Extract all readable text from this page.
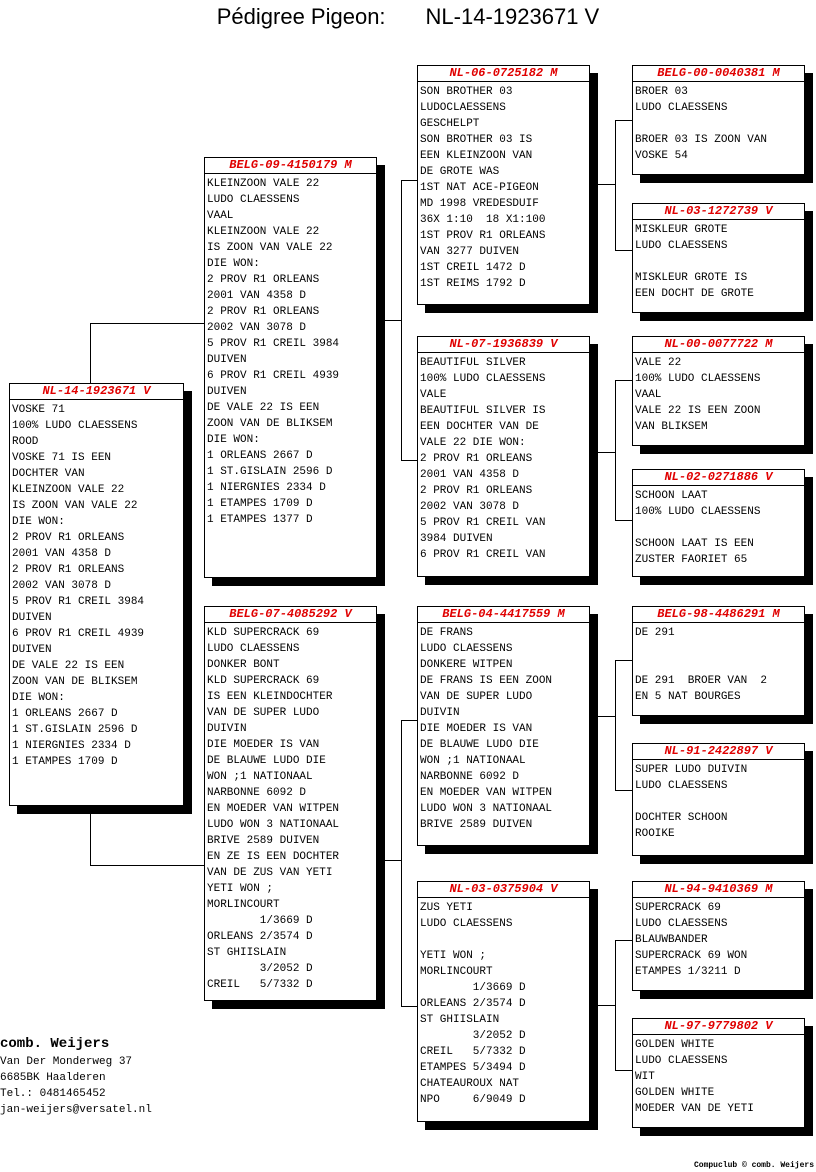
Pédigree Pigeon: NL-14-1923671 V
NL-14-1923671 V
VOSKE 71
100% LUDO CLAESSENS
ROOD
VOSKE 71 IS EEN
DOCHTER VAN
KLEINZOON VALE 22
IS ZOON VAN VALE 22
DIE WON:
2 PROV R1 ORLEANS
2001 VAN 4358 D
2 PROV R1 ORLEANS
2002 VAN 3078 D
5 PROV R1 CREIL 3984
DUIVEN
6 PROV R1 CREIL 4939
DUIVEN
DE VALE 22 IS EEN
ZOON VAN DE BLIKSEM
DIE WON:
1 ORLEANS 2667 D
1 ST.GISLAIN 2596 D
1 NIERGNIES 2334 D
1 ETAMPES 1709 D
BELG-09-4150179 M
KLEINZOON VALE 22
LUDO CLAESSENS
VAAL
KLEINZOON VALE 22
IS ZOON VAN VALE 22
DIE WON:
2 PROV R1 ORLEANS
2001 VAN 4358 D
2 PROV R1 ORLEANS
2002 VAN 3078 D
5 PROV R1 CREIL 3984
DUIVEN
6 PROV R1 CREIL 4939
DUIVEN
DE VALE 22 IS EEN
ZOON VAN DE BLIKSEM
DIE WON:
1 ORLEANS 2667 D
1 ST.GISLAIN 2596 D
1 NIERGNIES 2334 D
1 ETAMPES 1709 D
1 ETAMPES 1377 D
BELG-07-4085292 V
KLD SUPERCRACK 69
LUDO CLAESSENS
DONKER BONT
KLD SUPERCRACK 69
IS EEN KLEINDOCHTER
VAN DE SUPER LUDO
DUIVIN
DIE MOEDER IS VAN
DE BLAUWE LUDO DIE
WON ;1 NATIONAAL
NARBONNE 6092 D
EN MOEDER VAN WITPEN
LUDO WON 3 NATIONAAL
BRIVE 2589 DUIVEN
EN ZE IS EEN DOCHTER
VAN DE ZUS VAN YETI
YETI WON ;
MORLINCOURT
1/3669 D
ORLEANS 2/3574 D
ST GHIISLAIN
3/2052 D
CREIL   5/7332 D
NL-06-0725182 M
SON BROTHER 03
LUDOCLAESSENS
GESCHELPT
SON BROTHER 03 IS
EEN KLEINZOON VAN
DE GROTE WAS
1ST NAT ACE-PIGEON
MD 1998 VREDESDUIF
36X 1:10  18 X1:100
1ST PROV R1 ORLEANS
VAN 3277 DUIVEN
1ST CREIL 1472 D
1ST REIMS 1792 D
NL-07-1936839 V
BEAUTIFUL SILVER
100% LUDO CLAESSENS
VALE
BEAUTIFUL SILVER IS
EEN DOCHTER VAN DE
VALE 22 DIE WON:
2 PROV R1 ORLEANS
2001 VAN 4358 D
2 PROV R1 ORLEANS
2002 VAN 3078 D
5 PROV R1 CREIL VAN
3984 DUIVEN
6 PROV R1 CREIL VAN
BELG-04-4417559 M
DE FRANS
LUDO CLAESSENS
DONKERE WITPEN
DE FRANS IS EEN ZOON
VAN DE SUPER LUDO
DUIVIN
DIE MOEDER IS VAN
DE BLAUWE LUDO DIE
WON ;1 NATIONAAL
NARBONNE 6092 D
EN MOEDER VAN WITPEN
LUDO WON 3 NATIONAAL
BRIVE 2589 DUIVEN
NL-03-0375904 V
ZUS YETI
LUDO CLAESSENS

YETI WON ;
MORLINCOURT
1/3669 D
ORLEANS 2/3574 D
ST GHIISLAIN
3/2052 D
CREIL   5/7332 D
ETAMPES 5/3494 D
CHATEAUROUX NAT
NPO     6/9049 D
BELG-00-0040381 M
BROER 03
LUDO CLAESSENS

BROER 03 IS ZOON VAN
VOSKE 54
NL-03-1272739 V
MISKLEUR GROTE
LUDO CLAESSENS

MISKLEUR GROTE IS
EEN DOCHT DE GROTE
NL-00-0077722 M
VALE 22
100% LUDO CLAESSENS
VAAL
VALE 22 IS EEN ZOON
VAN BLIKSEM
NL-02-0271886 V
SCHOON LAAT
100% LUDO CLAESSENS

SCHOON LAAT IS EEN
ZUSTER FAORIET 65
BELG-98-4486291 M
DE 291

DE 291  BROER VAN  2
EN 5 NAT BOURGES
NL-91-2422897 V
SUPER LUDO DUIVIN
LUDO CLAESSENS

DOCHTER SCHOON
ROOIKE
NL-94-9410369 M
SUPERCRACK 69
LUDO CLAESSENS
BLAUWBANDER
SUPERCRACK 69 WON
ETAMPES 1/3211 D
NL-97-9779802 V
GOLDEN WHITE
LUDO CLAESSENS
WIT
GOLDEN WHITE
MOEDER VAN DE YETI
comb. Weijers
Van Der Monderweg 37
6685BK Haalderen
Tel.: 0481465452
jan-weijers@versatel.nl
Compuclub © comb. Weijers
